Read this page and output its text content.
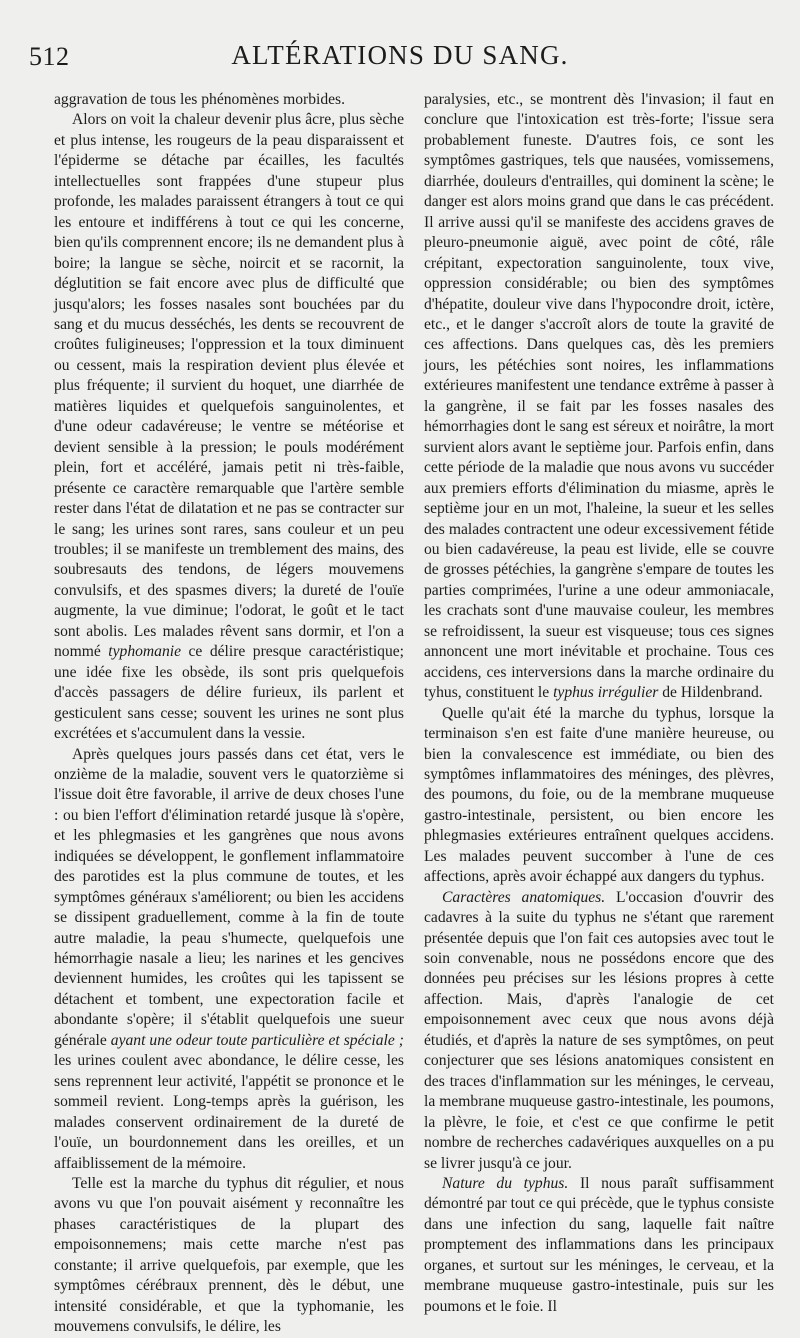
512	ALTÉRATIONS DU SANG.

aggravation de tous les phénomènes morbides.

Alors on voit la chaleur devenir plus âcre, plus sèche et plus intense, les rougeurs de la peau disparaissent et l'épiderme se détache par écailles, les facultés intellectuelles sont frappées d'une stupeur plus profonde, les malades paraissent étrangers à tout ce qui les entoure et indifférens à tout ce qui les concerne, bien qu'ils comprennent encore; ils ne demandent plus à boire; la langue se sèche, noircit et se racornit, la déglutition se fait encore avec plus de difficulté que jusqu'alors; les fosses nasales sont bouchées par du sang et du mucus desséchés, les dents se recouvrent de croûtes fuligineuses; l'oppression et la toux diminuent ou cessent, mais la respiration devient plus élevée et plus fréquente; il survient du hoquet, une diarrhée de matières liquides et quelquefois sanguinolentes, et d'une odeur cadavéreuse; le ventre se météorise et devient sensible à la pression; le pouls modérément plein, fort et accéléré, jamais petit ni très-faible, présente ce caractère remarquable que l'artère semble rester dans l'état de dilatation et ne pas se contracter sur le sang; les urines sont rares, sans couleur et un peu troubles; il se manifeste un tremblement des mains, des soubresauts des tendons, de légers mouvemens convulsifs, et des spasmes divers; la dureté de l'ouïe augmente, la vue diminue; l'odorat, le goût et le tact sont abolis. Les malades rêvent sans dormir, et l'on a nommé typhomanie ce délire presque caractéristique; une idée fixe les obsède, ils sont pris quelquefois d'accès passagers de délire furieux, ils parlent et gesticulent sans cesse; souvent les urines ne sont plus excrétées et s'accumulent dans la vessie.

Après quelques jours passés dans cet état, vers le onzième de la maladie, souvent vers le quatorzième si l'issue doit être favorable, il arrive de deux choses l'une : ou bien l'effort d'élimination retardé jusque là s'opère, et les phlegmasies et les gangrènes que nous avons indiquées se développent, le gonflement inflammatoire des parotides est la plus commune de toutes, et les symptômes généraux s'améliorent; ou bien les accidens se dissipent graduellement, comme à la fin de toute autre maladie, la peau s'humecte, quelquefois une hémorrhagie nasale a lieu; les narines et les gencives deviennent humides, les croûtes qui les tapissent se détachent et tombent, une expectoration facile et abondante s'opère; il s'établit quelquefois une sueur générale ayant une odeur toute particulière et spéciale ; les urines coulent avec abondance, le délire cesse, les sens reprennent leur activité, l'appétit se prononce et le sommeil revient. Long-temps après la guérison, les malades conservent ordinairement de la dureté de l'ouïe, un bourdonnement dans les oreilles, et un affaiblissement de la mémoire.

Telle est la marche du typhus dit régulier, et nous avons vu que l'on pouvait aisément y reconnaître les phases caractéristiques de la plupart des empoisonnemens; mais cette marche n'est pas constante; il arrive quelquefois, par exemple, que les symptômes cérébraux prennent, dès le début, une intensité considérable, et que la typhomanie, les mouvemens convulsifs, le délire, les

paralysies, etc., se montrent dès l'invasion; il faut en conclure que l'intoxication est très-forte; l'issue sera probablement funeste. D'autres fois, ce sont les symptômes gastriques, tels que nausées, vomissemens, diarrhée, douleurs d'entrailles, qui dominent la scène; le danger est alors moins grand que dans le cas précédent. Il arrive aussi qu'il se manifeste des accidens graves de pleuro-pneumonie aiguë, avec point de côté, râle crépitant, expectoration sanguinolente, toux vive, oppression considérable; ou bien des symptômes d'hépatite, douleur vive dans l'hypocondre droit, ictère, etc., et le danger s'accroît alors de toute la gravité de ces affections. Dans quelques cas, dès les premiers jours, les pétéchies sont noires, les inflammations extérieures manifestent une tendance extrême à passer à la gangrène, il se fait par les fosses nasales des hémorrhagies dont le sang est séreux et noirâtre, la mort survient alors avant le septième jour. Parfois enfin, dans cette période de la maladie que nous avons vu succéder aux premiers efforts d'élimination du miasme, après le septième jour en un mot, l'haleine, la sueur et les selles des malades contractent une odeur excessivement fétide ou bien cadavéreuse, la peau est livide, elle se couvre de grosses pétéchies, la gangrène s'empare de toutes les parties comprimées, l'urine a une odeur ammoniacale, les crachats sont d'une mauvaise couleur, les membres se refroidissent, la sueur est visqueuse; tous ces signes annoncent une mort inévitable et prochaine. Tous ces accidens, ces interversions dans la marche ordinaire du tyhus, constituent le typhus irrégulier de Hildenbrand.

Quelle qu'ait été la marche du typhus, lorsque la terminaison s'en est faite d'une manière heureuse, ou bien la convalescence est immédiate, ou bien des symptômes inflammatoires des méninges, des plèvres, des poumons, du foie, ou de la membrane muqueuse gastro-intestinale, persistent, ou bien encore les phlegmasies extérieures entraînent quelques accidens. Les malades peuvent succomber à l'une de ces affections, après avoir échappé aux dangers du typhus.

Caractères anatomiques. L'occasion d'ouvrir des cadavres à la suite du typhus ne s'étant que rarement présentée depuis que l'on fait ces autopsies avec tout le soin convenable, nous ne possédons encore que des données peu précises sur les lésions propres à cette affection. Mais, d'après l'analogie de cet empoisonnement avec ceux que nous avons déjà étudiés, et d'après la nature de ses symptômes, on peut conjecturer que ses lésions anatomiques consistent en des traces d'inflammation sur les méninges, le cerveau, la membrane muqueuse gastro-intestinale, les poumons, la plèvre, le foie, et c'est ce que confirme le petit nombre de recherches cadavériques auxquelles on a pu se livrer jusqu'à ce jour.

Nature du typhus. Il nous paraît suffisamment démontré par tout ce qui précède, que le typhus consiste dans une infection du sang, laquelle fait naître promptement des inflammations dans les principaux organes, et surtout sur les méninges, le cerveau, et la membrane muqueuse gastro-intestinale, puis sur les poumons et le foie. Il
